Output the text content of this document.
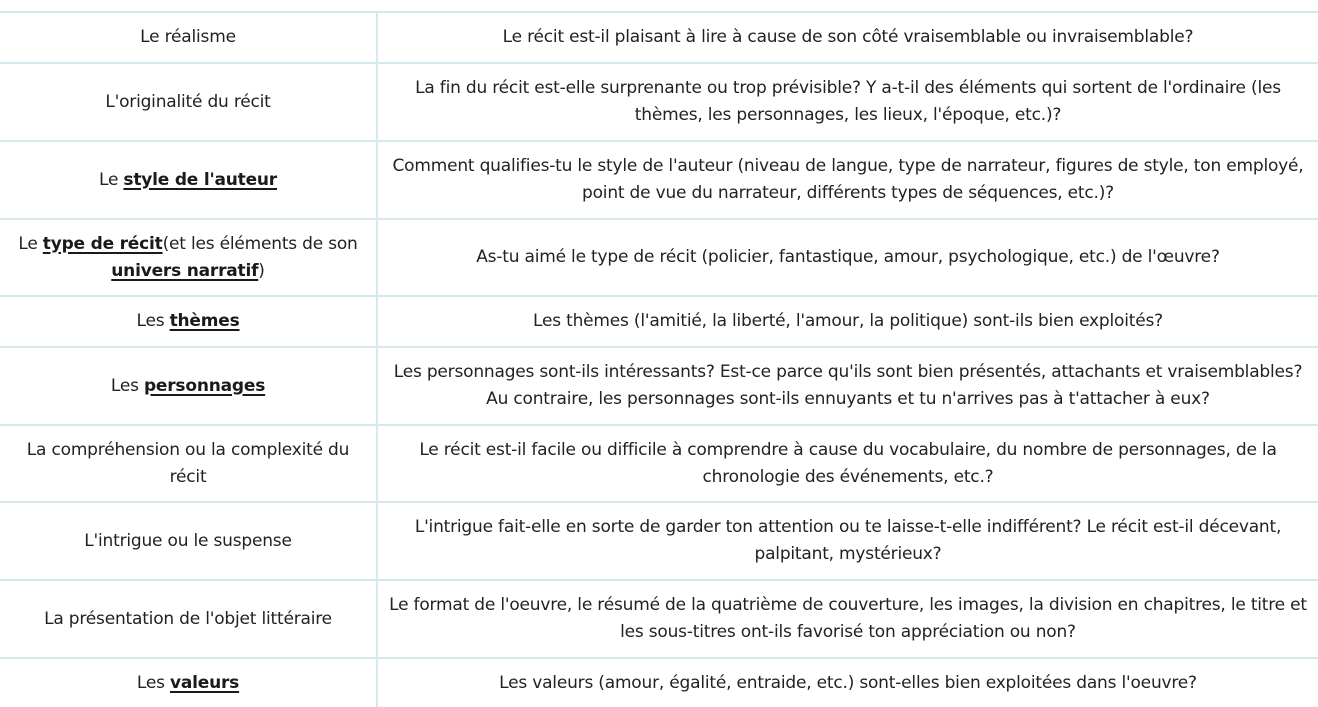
Le réalisme	Le récit est-il plaisant à lire à cause de son côté vraisemblable ou invraisemblable?
L'originalité du récit	La fin du récit est-elle surprenante ou trop prévisible? Y a-t-il des éléments qui sortent de l'ordinaire (les thèmes, les personnages, les lieux, l'époque, etc.)?
Le style de l'auteur	Comment qualifies-tu le style de l'auteur (niveau de langue, type de narrateur, figures de style, ton employé, point de vue du narrateur, différents types de séquences, etc.)?
Le type de récit(et les éléments de son univers narratif)	As-tu aimé le type de récit (policier, fantastique, amour, psychologique, etc.) de l'œuvre?
Les thèmes	Les thèmes (l'amitié, la liberté, l'amour, la politique) sont-ils bien exploités?
Les personnages	Les personnages sont-ils intéressants? Est-ce parce qu'ils sont bien présentés, attachants et vraisemblables? Au contraire, les personnages sont-ils ennuyants et tu n'arrives pas à t'attacher à eux?
La compréhension ou la complexité du récit	Le récit est-il facile ou difficile à comprendre à cause du vocabulaire, du nombre de personnages, de la chronologie des événements, etc.?
L'intrigue ou le suspense	L'intrigue fait-elle en sorte de garder ton attention ou te laisse-t-elle indifférent? Le récit est-il décevant, palpitant, mystérieux?
La présentation de l'objet littéraire	Le format de l'oeuvre, le résumé de la quatrième de couverture, les images, la division en chapitres, le titre et les sous-titres ont-ils favorisé ton appréciation ou non?
Les valeurs	Les valeurs (amour, égalité, entraide, etc.) sont-elles bien exploitées dans l'oeuvre?
